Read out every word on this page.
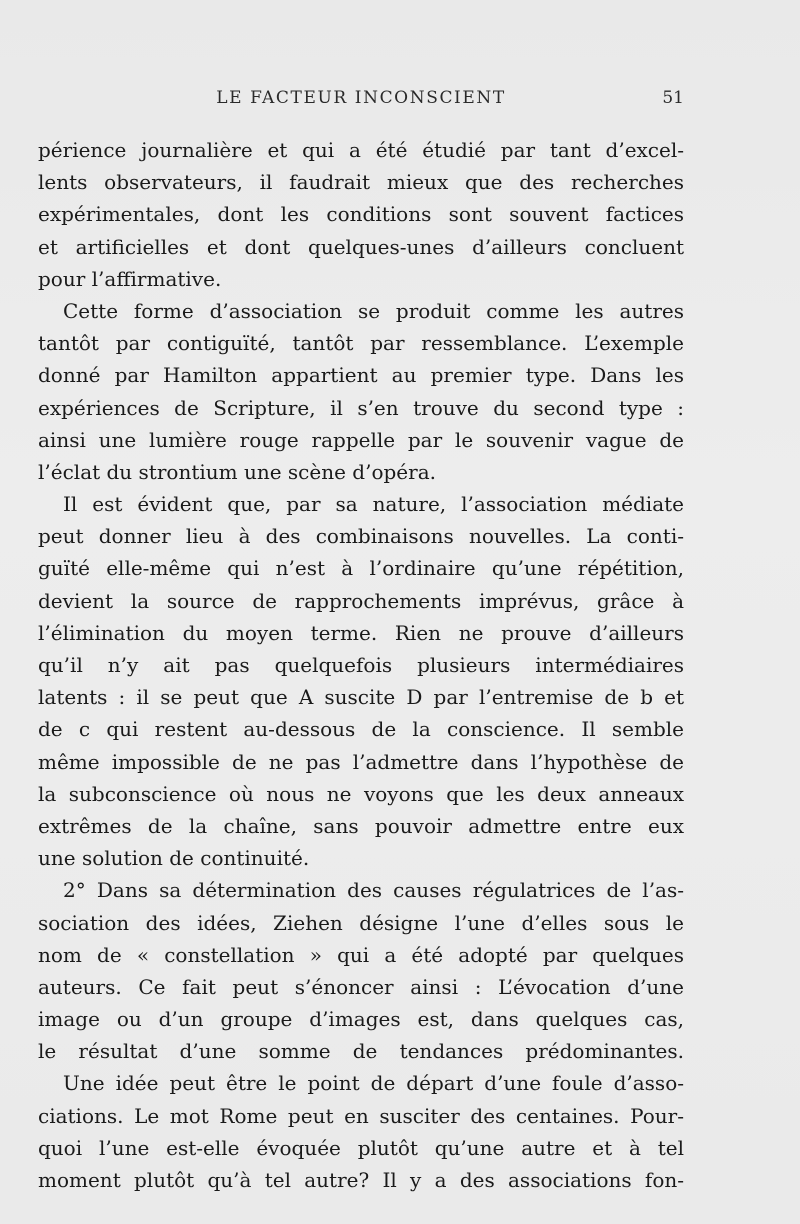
LE FACTEUR INCONSCIENT	51
périence journalière et qui a été étudié par tant d’excel-
lents observateurs, il faudrait mieux que des recherches
expérimentales, dont les conditions sont souvent factices
et artificielles et dont quelques-unes d’ailleurs concluent
pour l’affirmative.
Cette forme d’association se produit comme les autres
tantôt par contiguïté, tantôt par ressemblance. L’exemple
donné par Hamilton appartient au premier type. Dans les
expériences de Scripture, il s’en trouve du second type :
ainsi une lumière rouge rappelle par le souvenir vague de
l’éclat du strontium une scène d’opéra.
Il est évident que, par sa nature, l’association médiate
peut donner lieu à des combinaisons nouvelles. La conti-
guïté elle-même qui n’est à l’ordinaire qu’une répétition,
devient la source de rapprochements imprévus, grâce à
l’élimination du moyen terme. Rien ne prouve d’ailleurs
qu’il n’y ait pas quelquefois plusieurs intermédiaires
latents : il se peut que A suscite D par l’entremise de b et
de c qui restent au-dessous de la conscience. Il semble
même impossible de ne pas l’admettre dans l’hypothèse de
la subconscience où nous ne voyons que les deux anneaux
extrêmes de la chaîne, sans pouvoir admettre entre eux
une solution de continuité.
2° Dans sa détermination des causes régulatrices de l’as-
sociation des idées, Ziehen désigne l’une d’elles sous le
nom de « constellation » qui a été adopté par quelques
auteurs. Ce fait peut s’énoncer ainsi : L’évocation d’une
image ou d’un groupe d’images est, dans quelques cas,
le résultat d’une somme de tendances prédominantes.
Une idée peut être le point de départ d’une foule d’asso-
ciations. Le mot Rome peut en susciter des centaines. Pour-
quoi l’une est-elle évoquée plutôt qu’une autre et à tel
moment plutôt qu’à tel autre? Il y a des associations fon-
